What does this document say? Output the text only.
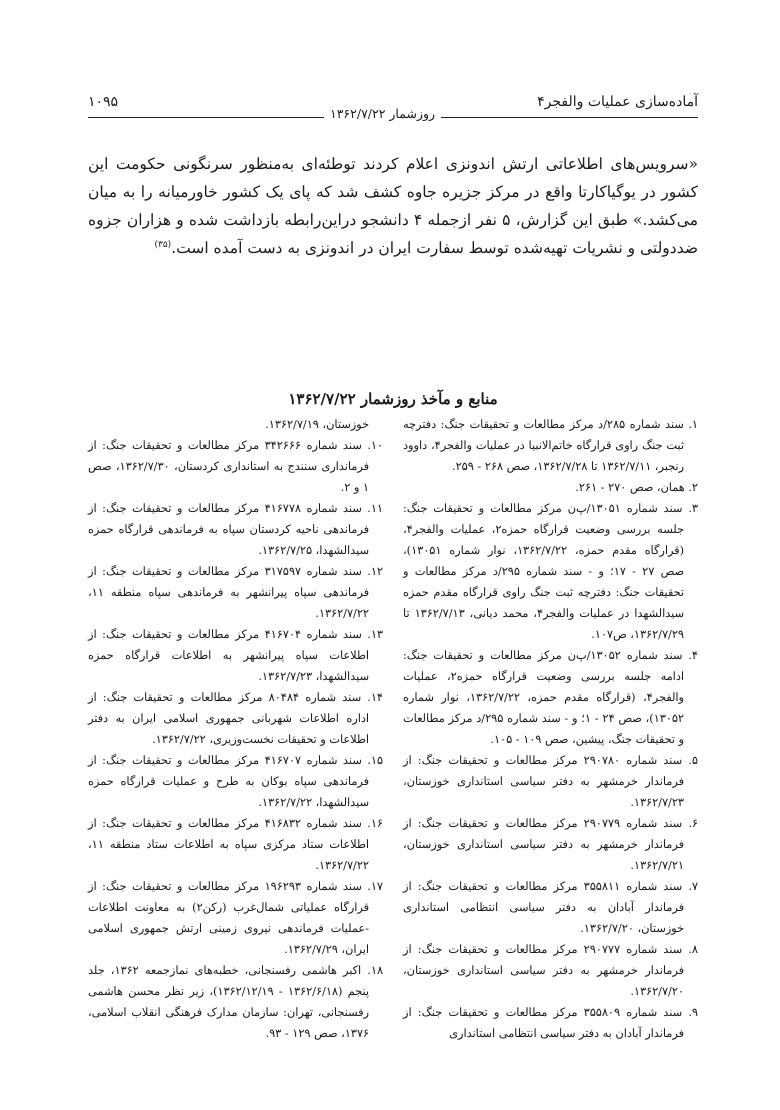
آماده‌سازی عملیات والفجر۴
روزشمار ۱۳۶۲/۷/۲۲
۱۰۹۵

«سرویس‌های اطلاعاتی ارتش اندونزی اعلام کردند توطئه‌ای به‌منظور سرنگونی حکومت این کشور در یوگیاکارتا واقع در مرکز جزیره جاوه کشف شد که پای یک کشور خاورمیانه را به میان می‌کشد.» طبق این گزارش، ۵ نفر ازجمله ۴ دانشجو دراین‌رابطه بازداشت شده و هزاران جزوه ضددولتی و نشریات تهیه‌شده توسط سفارت ایران در اندونزی به دست آمده است.$^{(۳۵)}$

منابع و مآخذ روزشمار ۱۳۶۲/۷/۲۲

۱. سند شماره ۲۸۵/د مرکز مطالعات و تحقیقات جنگ: دفترچه ثبت جنگ راوی قرارگاه خاتم‌الانبیا در عملیات والفجر۴، داوود رنجبر، ۱۳۶۲/۷/۱۱ تا ۱۳۶۲/۷/۲۸، صص ۲۶۸ - ۲۵۹.

۲. همان، صص ۲۷۰ - ۲۶۱.

۳. سند شماره ۱۳۰۵۱/پ‌ن مرکز مطالعات و تحقیقات جنگ: جلسه بررسی وضعیت قرارگاه حمزه۲، عملیات والفجر۴، (قرارگاه مقدم حمزه، ۱۳۶۲/۷/۲۲، نوار شماره ۱۳۰۵۱)، صص ۲۷ - ۱۷؛ و - سند شماره ۲۹۵/د مرکز مطالعات و تحقیقات جنگ: دفترچه ثبت جنگ راوی قرارگاه مقدم حمزه سیدالشهدا در عملیات والفجر۴، محمد دیانی، ۱۳۶۲/۷/۱۳ تا ۱۳۶۲/۷/۲۹، ص۱۰۷.

۴. سند شماره ۱۳۰۵۲/پ‌ن مرکز مطالعات و تحقیقات جنگ: ادامه جلسه بررسی وضعیت قرارگاه حمزه۲، عملیات والفجر۴، (قرارگاه مقدم حمزه، ۱۳۶۲/۷/۲۲، نوار شماره ۱۳۰۵۲)، صص ۲۴ - ۱؛ و - سند شماره ۲۹۵/د مرکز مطالعات و تحقیقات جنگ، پیشین، صص ۱۰۹ - ۱۰۵.

۵. سند شماره ۲۹۰۷۸۰ مرکز مطالعات و تحقیقات جنگ: از فرماندار خرمشهر به دفتر سیاسی استانداری خوزستان، ۱۳۶۲/۷/۲۳.

۶. سند شماره ۲۹۰۷۷۹ مرکز مطالعات و تحقیقات جنگ: از فرماندار خرمشهر به دفتر سیاسی استانداری خوزستان، ۱۳۶۲/۷/۲۱.

۷. سند شماره ۳۵۵۸۱۱ مرکز مطالعات و تحقیقات جنگ: از فرماندار آبادان به دفتر سیاسی انتظامی استانداری خوزستان، ۱۳۶۲/۷/۲۰.

۸. سند شماره ۲۹۰۷۷۷ مرکز مطالعات و تحقیقات جنگ: از فرماندار خرمشهر به دفتر سیاسی استانداری خوزستان، ۱۳۶۲/۷/۲۰.

۹. سند شماره ۳۵۵۸۰۹ مرکز مطالعات و تحقیقات جنگ: از فرماندار آبادان به دفتر سیاسی انتظامی استانداری

خوزستان، ۱۳۶۲/۷/۱۹.

۱۰. سند شماره ۳۴۲۶۶۶ مرکز مطالعات و تحقیقات جنگ: از فرمانداری سنندج به استانداری کردستان، ۱۳۶۲/۷/۳۰، صص ۱ و ۲.

۱۱. سند شماره ۴۱۶۷۷۸ مرکز مطالعات و تحقیقات جنگ: از فرماندهی ناحیه کردستان سپاه به فرماندهی قرارگاه حمزه سیدالشهدا، ۱۳۶۲/۷/۲۵.

۱۲. سند شماره ۳۱۷۵۹۷ مرکز مطالعات و تحقیقات جنگ: از فرماندهی سپاه پیرانشهر به فرماندهی سپاه منطقه ۱۱، ۱۳۶۲/۷/۲۲.

۱۳. سند شماره ۴۱۶۷۰۴ مرکز مطالعات و تحقیقات جنگ: از اطلاعات سپاه پیرانشهر به اطلاعات قرارگاه حمزه سیدالشهدا، ۱۳۶۲/۷/۲۳.

۱۴. سند شماره ۸۰۴۸۴ مرکز مطالعات و تحقیقات جنگ: از اداره اطلاعات شهربانی جمهوری اسلامی ایران به دفتر اطلاعات و تحقیقات نخست‌وزیری، ۱۳۶۲/۷/۲۲.

۱۵. سند شماره ۴۱۶۷۰۷ مرکز مطالعات و تحقیقات جنگ: از فرماندهی سپاه بوکان به طرح و عملیات قرارگاه حمزه سیدالشهدا، ۱۳۶۲/۷/۲۲.

۱۶. سند شماره ۴۱۶۸۳۲ مرکز مطالعات و تحقیقات جنگ: از اطلاعات ستاد مرکزی سپاه به اطلاعات ستاد منطقه ۱۱، ۱۳۶۲/۷/۲۲.

۱۷. سند شماره ۱۹۶۲۹۳ مرکز مطالعات و تحقیقات جنگ: از قرارگاه عملیاتی شمال‌غرب (رکن۲) به معاونت اطلاعات -عملیات فرماندهی نیروی زمینی ارتش جمهوری اسلامی ایران، ۱۳۶۲/۷/۲۹.

۱۸. اکبر هاشمی رفسنجانی، خطبه‌های نمازجمعه ۱۳۶۲، جلد پنجم (۱۳۶۲/۶/۱۸ - ۱۳۶۲/۱۲/۱۹)، زیر نظر محسن هاشمی رفسنجانی، تهران: سازمان مدارک فرهنگی انقلاب اسلامی، ۱۳۷۶، صص ۱۲۹ - ۹۳.
